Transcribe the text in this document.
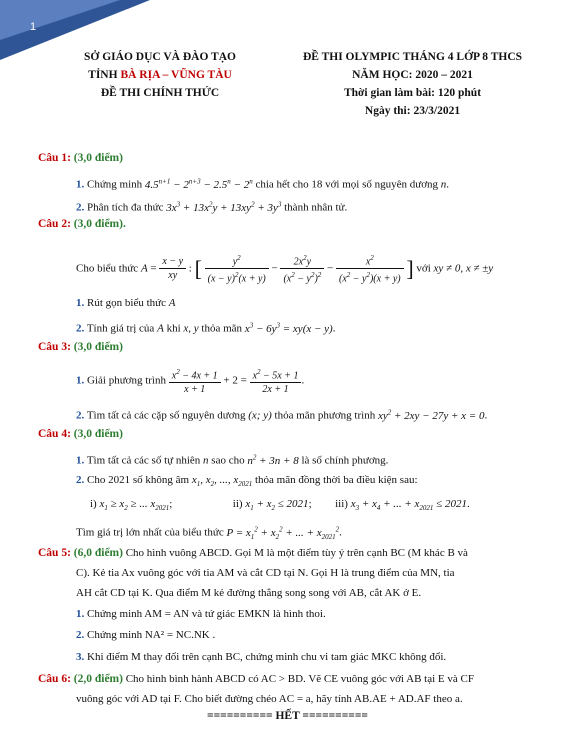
1
SỞ GIÁO DỤC VÀ ĐÀO TẠO
TỈNH BÀ RỊA – VŨNG TÀU
ĐỀ THI CHÍNH THỨC
ĐỀ THI OLYMPIC THÁNG 4 LỚP 8 THCS
NĂM HỌC: 2020 – 2021
Thời gian làm bài: 120 phút
Ngày thi: 23/3/2021
Câu 1: (3,0 điểm)
1. Chứng minh $4.5^{n+1} - 2^{n+3} - 2.5^n - 2^n$ chia hết cho 18 với mọi số nguyên dương n.
2. Phân tích đa thức $3x^3 + 13x^2y + 13xy^2 + 3y^3$ thành nhân tử.
Câu 2: (3,0 điểm).
Cho biểu thức $A = \frac{x - y}{xy}$ : [ $\frac{y^2}{(x - y)^2(x + y)} - \frac{2x^2y}{(x^2 - y^2)^2} - \frac{x^2}{(x^2 - y^2)(x + y)}$ ] với xy ≠ 0, x ≠ ±y
1. Rút gọn biểu thức A
2. Tính giá trị của A khi x, y thỏa mãn $x^3 - 6y^3 = xy(x - y)$.
Câu 3: (3,0 điểm)
1. Giải phương trình $\frac{x^2 - 4x + 1}{x + 1} + 2 = \frac{x^2 - 5x + 1}{2x + 1}$ .
2. Tìm tất cả các cặp số nguyên dương (x; y) thỏa mãn phương trình $xy^2 + 2xy - 27y + x = 0$.
Câu 4: (3,0 điểm)
1. Tìm tất cả các số tự nhiên n sao cho $n^2 + 3n + 8$ là số chính phương.
2. Cho 2021 số không âm $x_1$, $x_2$, ..., $x_{2021}$ thỏa mãn đồng thời ba điều kiện sau:
i) $x_1 \ge x_2$ ≥ ... $x_{2021}$;	ii) $x_1 + x_2 \le 2021$;  iii) $x_3 + x_4$ + ... + $x_{2021} \le 2021$.
Tìm giá trị lớn nhất của biểu thức $P = x_1^2 + x_2^2$ + ... + $x_{2021}^2$.
Câu 5: (6,0 điểm) Cho hình vuông ABCD. Gọi M là một điểm tùy ý trên cạnh BC (M khác B và
C). Kẻ tia Ax vuông góc với tia AM và cắt CD tại N. Gọi H là trung điểm của MN, tia
AH cắt CD tại K. Qua điểm M kẻ đường thẳng song song với AB, cắt AK ở E.
1. Chứng minh AM = AN và tứ giác EMKN là hình thoi.
2. Chứng minh NA² = NC.NK .
3. Khi điểm M thay đổi trên cạnh BC, chứng minh chu vi tam giác MKC không đổi.
Câu 6: (2,0 điểm) Cho hình bình hành ABCD có AC > BD. Vẽ CE vuông góc với AB tại E và CF
vuông góc với AD tại F. Cho biết đường chéo AC = a, hãy tính AB.AE + AD.AF theo a.
========== HẾT ==========
